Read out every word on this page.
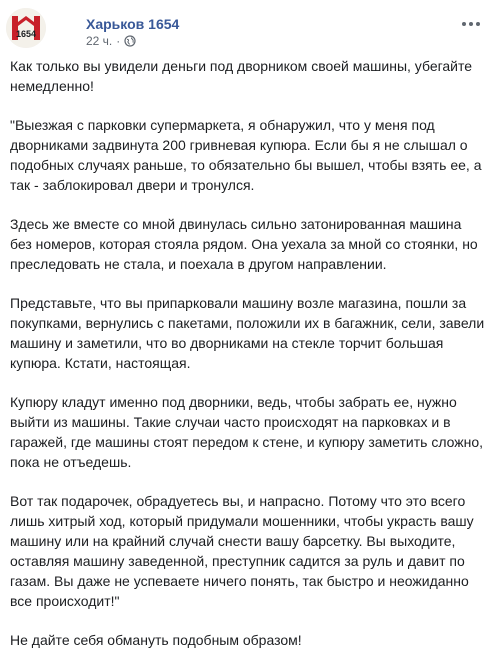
1654
Харьков 1654
22 ч. ·

Как только вы увидели деньги под дворником своей машины, убегайте
немедленно!

"Выезжая с парковки супермаркета, я обнаружил, что у меня под
дворниками задвинута 200 гривневая купюра. Если бы я не слышал о
подобных случаях раньше, то обязательно бы вышел, чтобы взять ее, а
так - заблокировал двери и тронулся.

Здесь же вместе со мной двинулась сильно затонированная машина
без номеров, которая стояла рядом. Она уехала за мной со стоянки, но
преследовать не стала, и поехала в другом направлении.

Представьте, что вы припарковали машину возле магазина, пошли за
покупками, вернулись с пакетами, положили их в багажник, сели, завели
машину и заметили, что во дворниками на стекле торчит большая
купюра. Кстати, настоящая.

Купюру кладут именно под дворники, ведь, чтобы забрать ее, нужно
выйти из машины. Такие случаи часто происходят на парковках и в
гаражей, где машины стоят передом к стене, и купюру заметить сложно,
пока не отъедешь.

Вот так подарочек, обрадуетесь вы, и напрасно. Потому что это всего
лишь хитрый ход, который придумали мошенники, чтобы украсть вашу
машину или на крайний случай снести вашу барсетку. Вы выходите,
оставляя машину заведенной, преступник садится за руль и давит по
газам. Вы даже не успеваете ничего понять, так быстро и неожиданно
все происходит!"

Не дайте себя обмануть подобным образом!
